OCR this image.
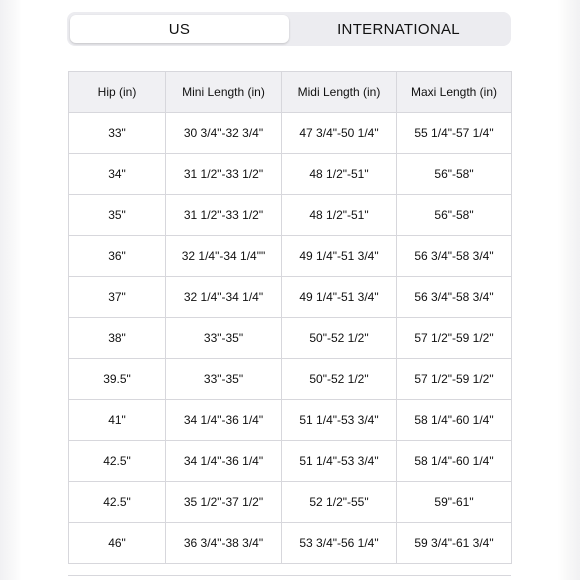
US	INTERNATIONAL
Hip (in)	Mini Length (in)	Midi Length (in)	Maxi Length (in)
33"	30 3/4"-32 3/4"	47 3/4"-50 1/4"	55 1/4"-57 1/4"
34"	31 1/2"-33 1/2"	48 1/2"-51"	56"-58"
35"	31 1/2"-33 1/2"	48 1/2"-51"	56"-58"
36"	32 1/4"-34 1/4""	49 1/4"-51 3/4"	56 3/4"-58 3/4"
37"	32 1/4"-34 1/4"	49 1/4"-51 3/4"	56 3/4"-58 3/4"
38"	33"-35"	50"-52 1/2"	57 1/2"-59 1/2"
39.5"	33"-35"	50"-52 1/2"	57 1/2"-59 1/2"
41"	34 1/4"-36 1/4"	51 1/4"-53 3/4"	58 1/4"-60 1/4"
42.5"	34 1/4"-36 1/4"	51 1/4"-53 3/4"	58 1/4"-60 1/4"
42.5"	35 1/2"-37 1/2"	52 1/2"-55"	59"-61"
46"	36 3/4"-38 3/4"	53 3/4"-56 1/4"	59 3/4"-61 3/4"
